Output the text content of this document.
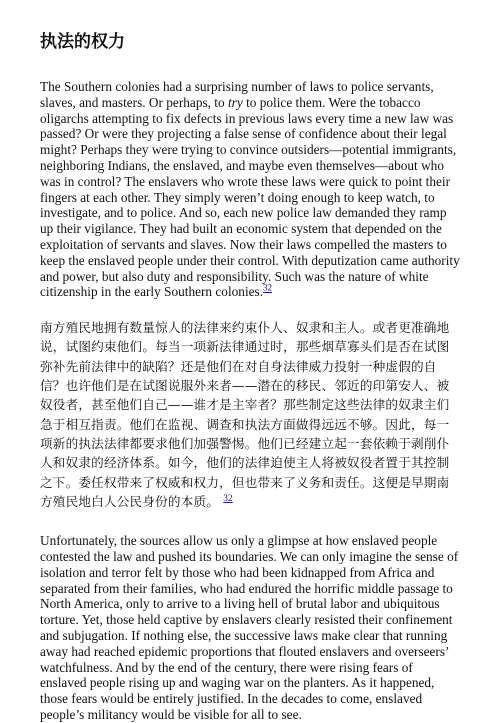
执法的权力

The Southern colonies had a surprising number of laws to police servants, slaves, and masters. Or perhaps, to try to police them. Were the tobacco oligarchs attempting to fix defects in previous laws every time a new law was passed? Or were they projecting a false sense of confidence about their legal might? Perhaps they were trying to convince outsiders—potential immigrants, neighboring Indians, the enslaved, and maybe even themselves—about who was in control? The enslavers who wrote these laws were quick to point their fingers at each other. They simply weren’t doing enough to keep watch, to investigate, and to police. And so, each new police law demanded they ramp up their vigilance. They had built an economic system that depended on the exploitation of servants and slaves. Now their laws compelled the masters to keep the enslaved people under their control. With deputization came authority and power, but also duty and responsibility. Such was the nature of white citizenship in the early Southern colonies.$^{32}$

南方殖民地拥有数量惊人的法律来约束仆人、奴隶和主人。或者更准确地说，试图约束他们。每当一项新法律通过时，那些烟草寡头们是否在试图弥补先前法律中的缺陷？还是他们在对自身法律威力投射一种虚假的自信？也许他们是在试图说服外来者——潜在的移民、邻近的印第安人、被奴役者，甚至他们自己——谁才是主宰者？那些制定这些法律的奴隶主们急于相互指责。他们在监视、调查和执法方面做得远远不够。因此，每一项新的执法法律都要求他们加强警惕。他们已经建立起一套依赖于剥削仆人和奴隶的经济体系。如今，他们的法律迫使主人将被奴役者置于其控制之下。委任权带来了权威和权力，但也带来了义务和责任。这便是早期南方殖民地白人公民身份的本质。 $^{32}$

Unfortunately, the sources allow us only a glimpse at how enslaved people contested the law and pushed its boundaries. We can only imagine the sense of isolation and terror felt by those who had been kidnapped from Africa and separated from their families, who had endured the horrific middle passage to North America, only to arrive to a living hell of brutal labor and ubiquitous torture. Yet, those held captive by enslavers clearly resisted their confinement and subjugation. If nothing else, the successive laws make clear that running away had reached epidemic proportions that flouted enslavers and overseers’ watchfulness. And by the end of the century, there were rising fears of enslaved people rising up and waging war on the planters. As it happened, those fears would be entirely justified. In the decades to come, enslaved people’s militancy would be visible for all to see.
